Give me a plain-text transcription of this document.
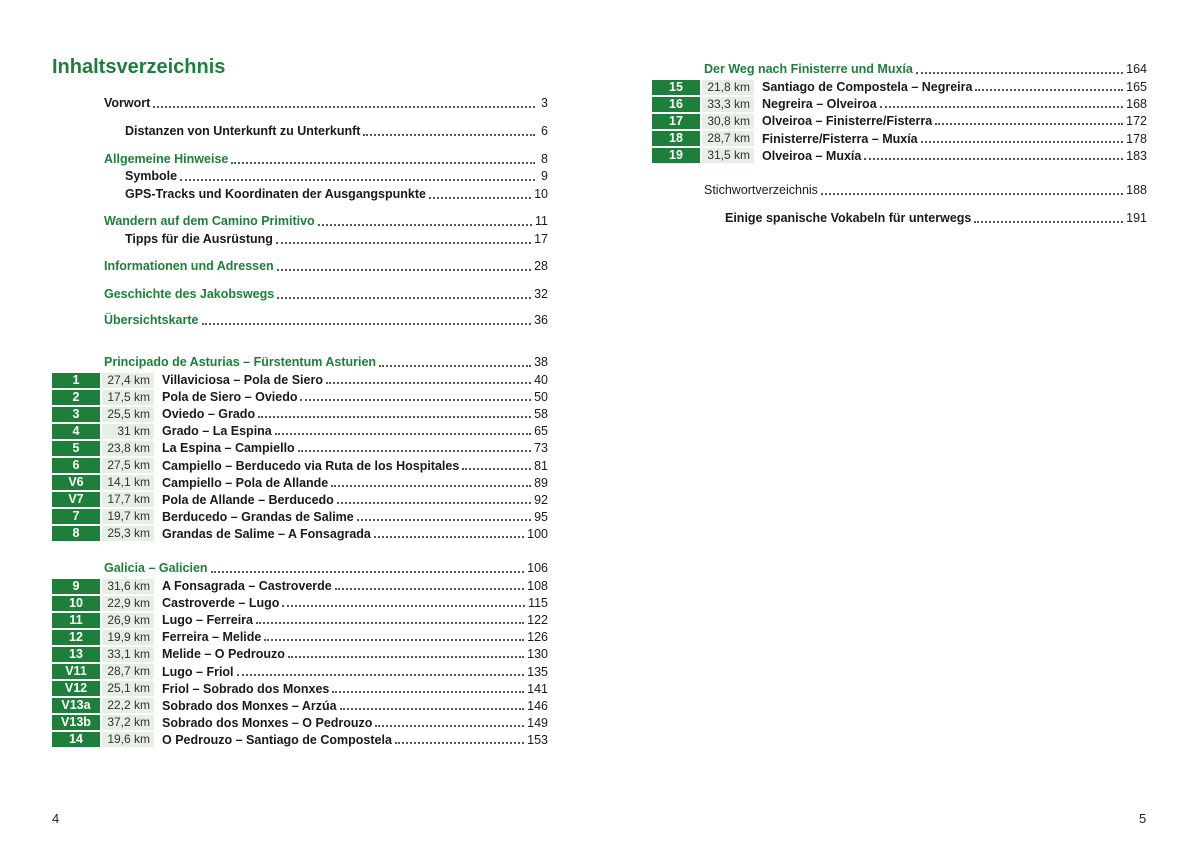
Inhaltsverzeichnis
Vorwort	3
Distanzen von Unterkunft zu Unterkunft	6
Allgemeine Hinweise	8
Symbole	9
GPS-Tracks und Koordinaten der Ausgangspunkte	10
Wandern auf dem Camino Primitivo	11
Tipps für die Ausrüstung	17
Informationen und Adressen	28
Geschichte des Jakobswegs	32
Übersichtskarte	36
Principado de Asturias – Fürstentum Asturien	38
1	27,4 km Villaviciosa – Pola de Siero	40
2	17,5 km Pola de Siero – Oviedo	50
3	25,5 km Oviedo – Grado	58
4	31 km Grado – La Espina	65
5	23,8 km La Espina – Campiello	73
6	27,5 km Campiello – Berducedo via Ruta de los Hospitales	81
V6	14,1 km Campiello – Pola de Allande	89
V7	17,7 km Pola de Allande – Berducedo	92
7	19,7 km Berducedo – Grandas de Salime	95
8	25,3 km Grandas de Salime – A Fonsagrada	100
Galicia – Galicien	106
9	31,6 km A Fonsagrada – Castroverde	108
10	22,9 km Castroverde – Lugo	115
11	26,9 km Lugo – Ferreira	122
12	19,9 km Ferreira – Melide	126
13	33,1 km Melide – O Pedrouzo	130
V11	28,7 km Lugo – Friol	135
V12	25,1 km Friol – Sobrado dos Monxes	141
V13a	22,2 km Sobrado dos Monxes – Arzúa	146
V13b	37,2 km Sobrado dos Monxes – O Pedrouzo	149
14	19,6 km O Pedrouzo – Santiago de Compostela	153
Der Weg nach Finisterre und Muxía	164
15	21,8 km Santiago de Compostela – Negreira	165
16	33,3 km Negreira – Olveiroa	168
17	30,8 km Olveiroa – Finisterre/Fisterra	172
18	28,7 km Finisterre/Fisterra – Muxía	178
19	31,5 km Olveiroa – Muxía	183
Stichwortverzeichnis	188
Einige spanische Vokabeln für unterwegs	191
4	5
